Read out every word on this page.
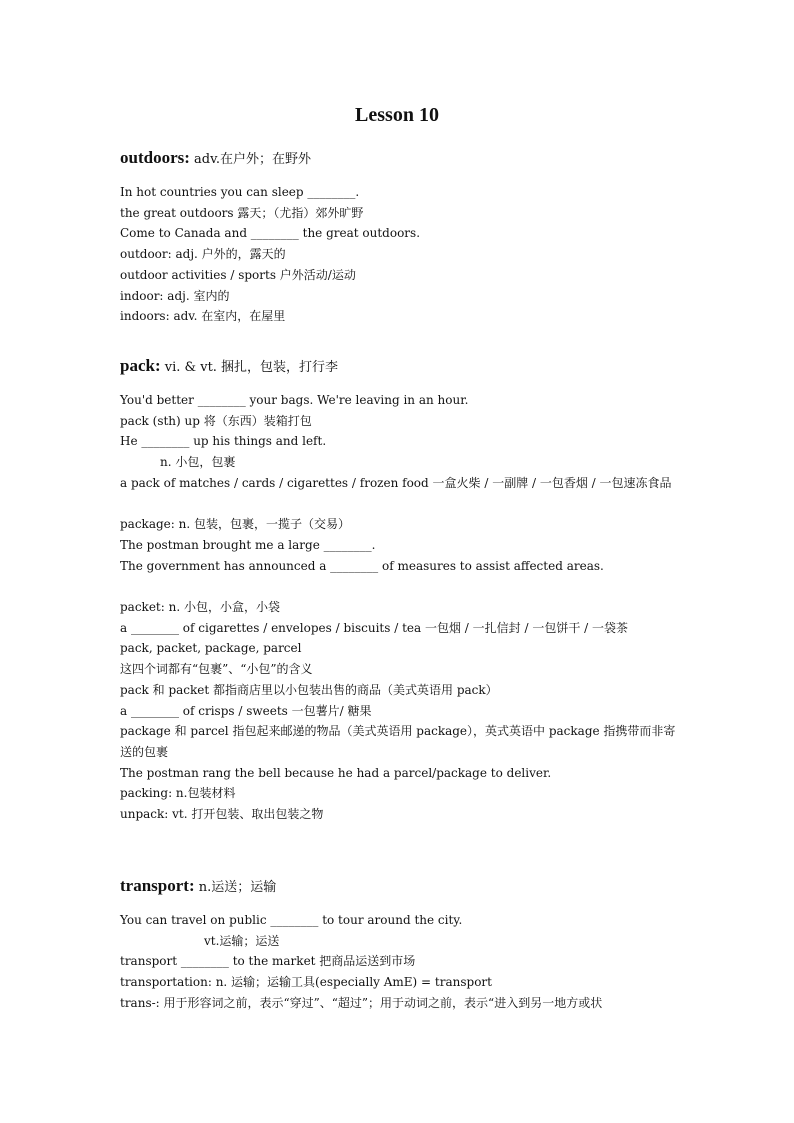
Lesson 10
outdoors: adv.在户外；在野外
In hot countries you can sleep ________.
the great outdoors 露天；（尤指）郊外旷野
Come to Canada and ________ the great outdoors.
outdoor: adj. 户外的，露天的
outdoor activities / sports 户外活动/运动
indoor: adj. 室内的
indoors: adv. 在室内，在屋里
pack: vi. & vt. 捆扎，包装，打行李
You'd better ________ your bags. We're leaving in an hour.
pack (sth) up 将（东西）装箱打包
He ________ up his things and left.
n. 小包，包裹
a pack of matches / cards / cigarettes / frozen food 一盒火柴 / 一副牌 / 一包香烟 / 一包速冻食品
package: n. 包装，包裹，一揽子（交易）
The postman brought me a large ________.
The government has announced a ________ of measures to assist affected areas.
packet: n. 小包，小盒，小袋
a ________ of cigarettes / envelopes / biscuits / tea 一包烟 / 一扎信封 / 一包饼干 / 一袋茶
pack, packet, package, parcel
这四个词都有“包裹”、“小包”的含义
pack 和 packet 都指商店里以小包装出售的商品（美式英语用 pack）
a ________ of crisps / sweets 一包薯片/ 糖果
package 和 parcel 指包起来邮递的物品（美式英语用 package），英式英语中 package 指携带而非寄送的包裹
The postman rang the bell because he had a parcel/package to deliver.
packing: n.包装材料
unpack: vt. 打开包装、取出包装之物
transport: n.运送；运输
You can travel on public ________ to tour around the city.
vt.运输；运送
transport ________ to the market 把商品运送到市场
transportation: n. 运输；运输工具(especially AmE) = transport
trans-: 用于形容词之前，表示“穿过”、“超过”；用于动词之前，表示“进入到另一地方或状
